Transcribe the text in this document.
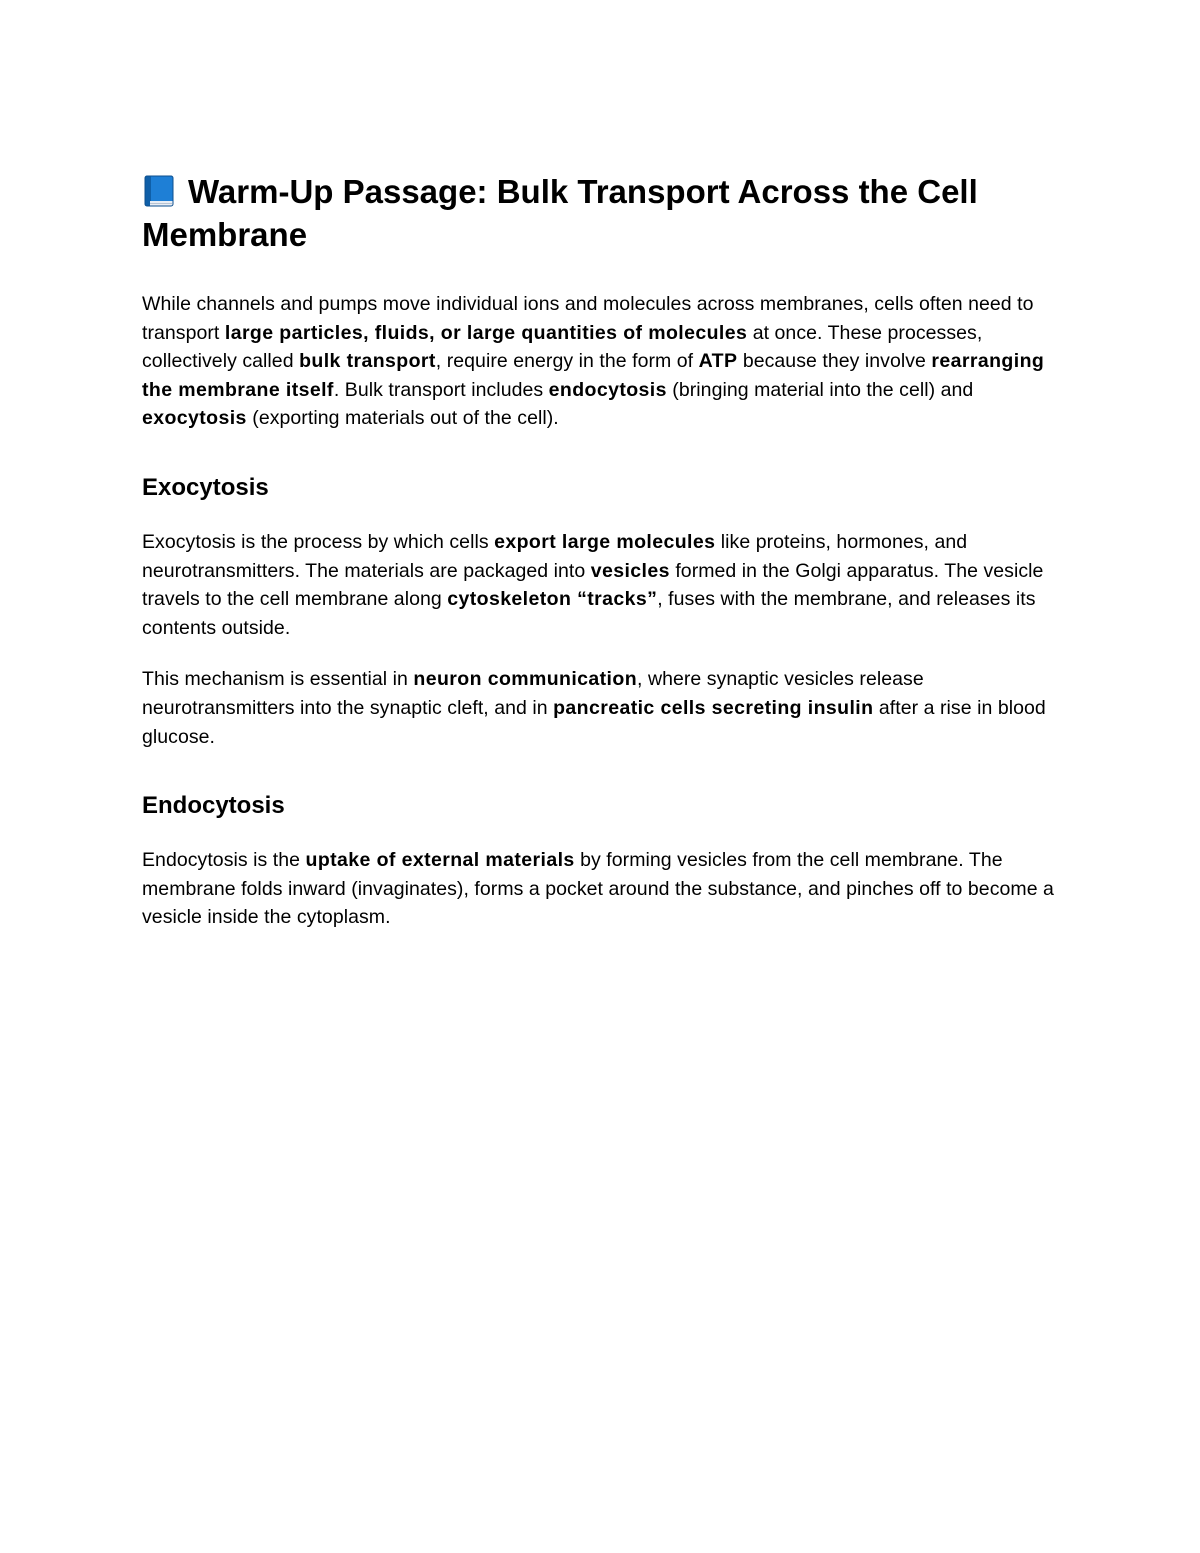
Warm-Up Passage: Bulk Transport Across the Cell Membrane

While channels and pumps move individual ions and molecules across membranes, cells often need to transport large particles, fluids, or large quantities of molecules at once. These processes, collectively called bulk transport, require energy in the form of ATP because they involve rearranging the membrane itself. Bulk transport includes endocytosis (bringing material into the cell) and exocytosis (exporting materials out of the cell).

Exocytosis

Exocytosis is the process by which cells export large molecules like proteins, hormones, and neurotransmitters. The materials are packaged into vesicles formed in the Golgi apparatus. The vesicle travels to the cell membrane along cytoskeleton “tracks”, fuses with the membrane, and releases its contents outside.

This mechanism is essential in neuron communication, where synaptic vesicles release neurotransmitters into the synaptic cleft, and in pancreatic cells secreting insulin after a rise in blood glucose.

Endocytosis

Endocytosis is the uptake of external materials by forming vesicles from the cell membrane. The membrane folds inward (invaginates), forms a pocket around the substance, and pinches off to become a vesicle inside the cytoplasm.
